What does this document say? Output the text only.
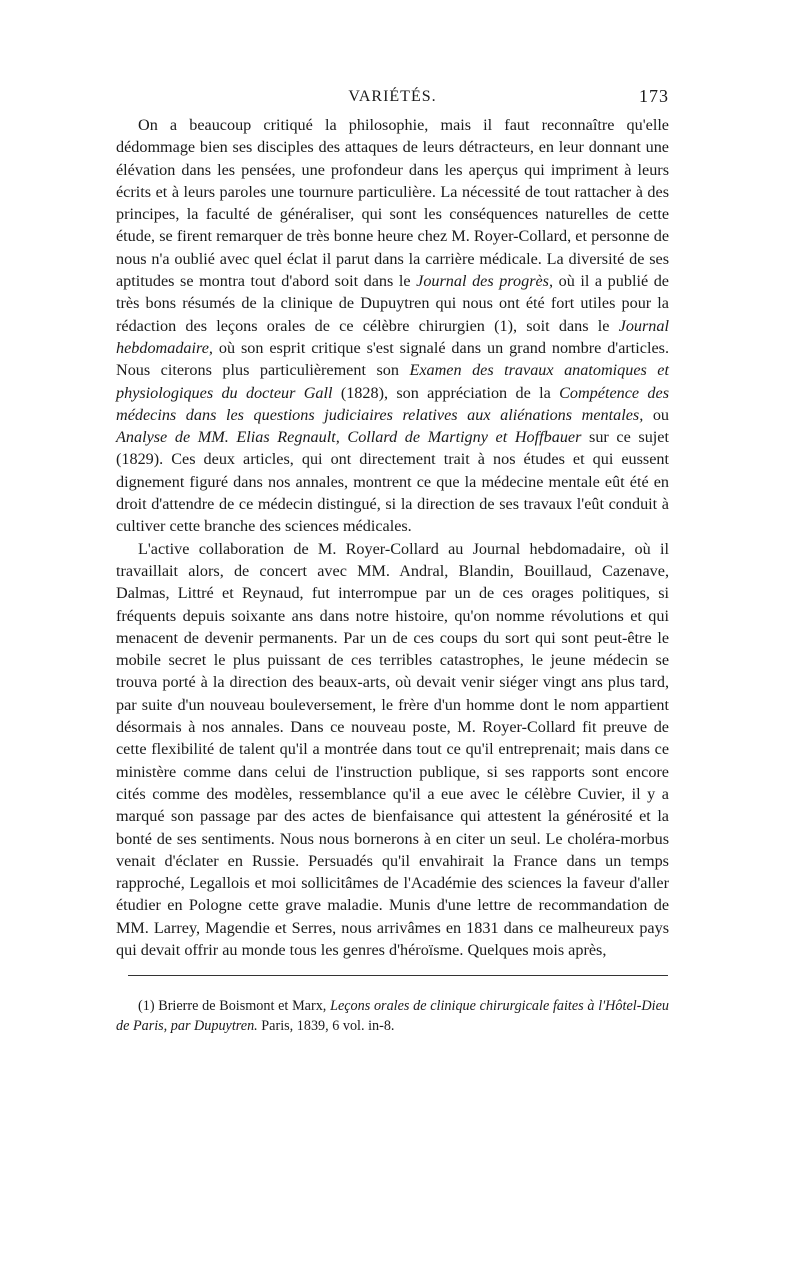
VARIÉTÉS.	173

On a beaucoup critiqué la philosophie, mais il faut reconnaître qu'elle dédommage bien ses disciples des attaques de leurs détracteurs, en leur donnant une élévation dans les pensées, une profondeur dans les aperçus qui impriment à leurs écrits et à leurs paroles une tournure particulière. La nécessité de tout rattacher à des principes, la faculté de généraliser, qui sont les conséquences naturelles de cette étude, se firent remarquer de très bonne heure chez M. Royer-Collard, et personne de nous n'a oublié avec quel éclat il parut dans la carrière médicale. La diversité de ses aptitudes se montra tout d'abord soit dans le Journal des progrès, où il a publié de très bons résumés de la clinique de Dupuytren qui nous ont été fort utiles pour la rédaction des leçons orales de ce célèbre chirurgien (1), soit dans le Journal hebdomadaire, où son esprit critique s'est signalé dans un grand nombre d'articles. Nous citerons plus particulièrement son Examen des travaux anatomiques et physiologiques du docteur Gall (1828), son appréciation de la Compétence des médecins dans les questions judiciaires relatives aux aliénations mentales, ou Analyse de MM. Elias Regnault, Collard de Martigny et Hoffbauer sur ce sujet (1829). Ces deux articles, qui ont directement trait à nos études et qui eussent dignement figuré dans nos annales, montrent ce que la médecine mentale eût été en droit d'attendre de ce médecin distingué, si la direction de ses travaux l'eût conduit à cultiver cette branche des sciences médicales.

L'active collaboration de M. Royer-Collard au Journal hebdomadaire, où il travaillait alors, de concert avec MM. Andral, Blandin, Bouillaud, Cazenave, Dalmas, Littré et Reynaud, fut interrompue par un de ces orages politiques, si fréquents depuis soixante ans dans notre histoire, qu'on nomme révolutions et qui menacent de devenir permanents. Par un de ces coups du sort qui sont peut-être le mobile secret le plus puissant de ces terribles catastrophes, le jeune médecin se trouva porté à la direction des beaux-arts, où devait venir siéger vingt ans plus tard, par suite d'un nouveau bouleversement, le frère d'un homme dont le nom appartient désormais à nos annales. Dans ce nouveau poste, M. Royer-Collard fit preuve de cette flexibilité de talent qu'il a montrée dans tout ce qu'il entreprenait; mais dans ce ministère comme dans celui de l'instruction publique, si ses rapports sont encore cités comme des modèles, ressemblance qu'il a eue avec le célèbre Cuvier, il y a marqué son passage par des actes de bienfaisance qui attestent la générosité et la bonté de ses sentiments. Nous nous bornerons à en citer un seul. Le choléra-morbus venait d'éclater en Russie. Persuadés qu'il envahirait la France dans un temps rapproché, Legallois et moi sollicitâmes de l'Académie des sciences la faveur d'aller étudier en Pologne cette grave maladie. Munis d'une lettre de recommandation de MM. Larrey, Magendie et Serres, nous arrivâmes en 1831 dans ce malheureux pays qui devait offrir au monde tous les genres d'héroïsme. Quelques mois après,

(1) Brierre de Boismont et Marx, Leçons orales de clinique chirurgicale faites à l'Hôtel-Dieu de Paris, par Dupuytren. Paris, 1839, 6 vol. in-8.
